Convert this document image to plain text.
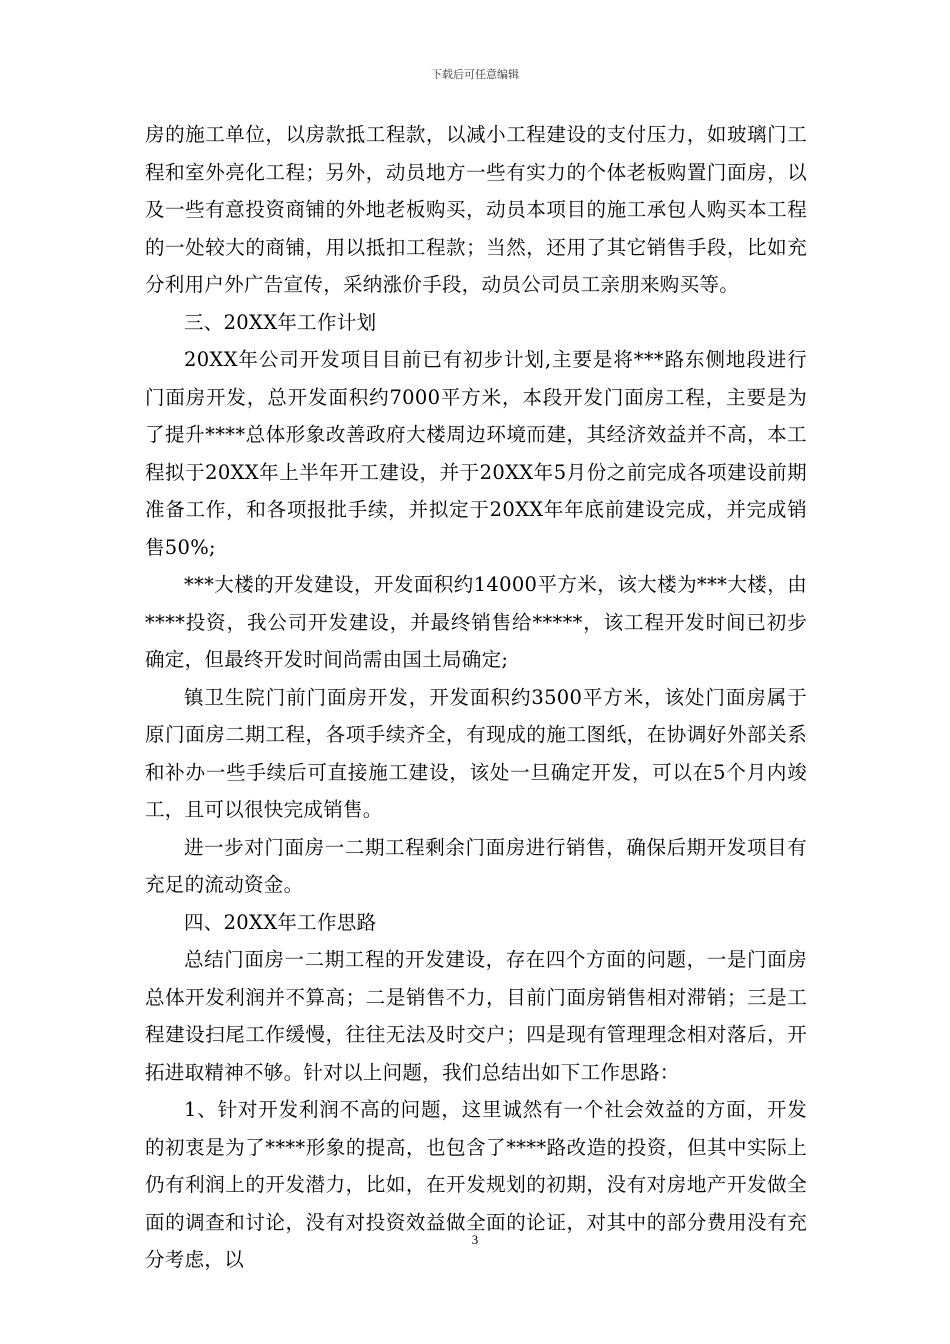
下载后可任意编辑

房的施工单位，以房款抵工程款，以减小工程建设的支付压力，如玻璃门工程和室外亮化工程；另外，动员地方一些有实力的个体老板购置门面房，以及一些有意投资商铺的外地老板购买，动员本项目的施工承包人购买本工程的一处较大的商铺，用以抵扣工程款；当然，还用了其它销售手段，比如充分利用户外广告宣传，采纳涨价手段，动员公司员工亲朋来购买等。

三、20XX年工作计划

20XX年公司开发项目目前已有初步计划,主要是将***路东侧地段进行门面房开发，总开发面积约7000平方米，本段开发门面房工程，主要是为了提升****总体形象改善政府大楼周边环境而建，其经济效益并不高，本工程拟于20XX年上半年开工建设，并于20XX年5月份之前完成各项建设前期准备工作，和各项报批手续，并拟定于20XX年年底前建设完成，并完成销售50%;

***大楼的开发建设，开发面积约14000平方米，该大楼为***大楼，由****投资，我公司开发建设，并最终销售给*****，该工程开发时间已初步确定，但最终开发时间尚需由国土局确定;

镇卫生院门前门面房开发，开发面积约3500平方米，该处门面房属于原门面房二期工程，各项手续齐全，有现成的施工图纸，在协调好外部关系和补办一些手续后可直接施工建设，该处一旦确定开发，可以在5个月内竣工，且可以很快完成销售。

进一步对门面房一二期工程剩余门面房进行销售，确保后期开发项目有充足的流动资金。

四、20XX年工作思路

总结门面房一二期工程的开发建设，存在四个方面的问题，一是门面房总体开发利润并不算高；二是销售不力，目前门面房销售相对滞销；三是工程建设扫尾工作缓慢，往往无法及时交户；四是现有管理理念相对落后，开拓进取精神不够。针对以上问题，我们总结出如下工作思路：

1、针对开发利润不高的问题，这里诚然有一个社会效益的方面，开发的初衷是为了****形象的提高，也包含了****路改造的投资，但其中实际上仍有利润上的开发潜力，比如，在开发规划的初期，没有对房地产开发做全面的调查和讨论，没有对投资效益做全面的论证，对其中的部分费用没有充分考虑，以

3
